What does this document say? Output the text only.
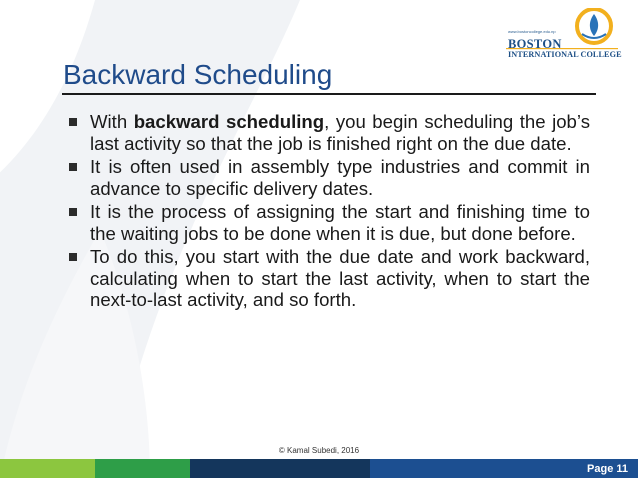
www.bostoncollege.edu.np
BOSTON
INTERNATIONAL COLLEGE
Backward Scheduling
With backward scheduling, you begin scheduling the job’s last activity so that the job is finished right on the due date.
It is often used in assembly type industries and commit in advance to specific delivery dates.
It is the process of assigning the start and finishing time to the waiting jobs to be done when it is due, but done before.
To do this, you start with the due date and work backward, calculating when to start the last activity, when to start the next-to-last activity, and so forth.
© Kamal Subedi, 2016
Page 11
